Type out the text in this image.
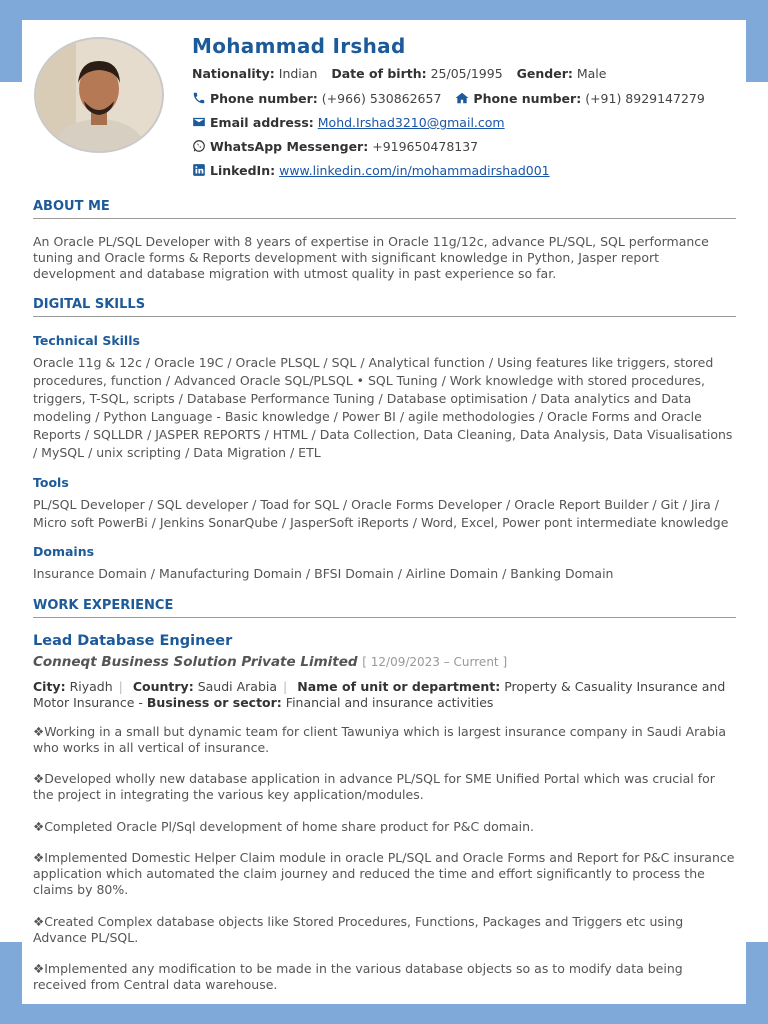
Mohammad Irshad
Nationality: Indian Date of birth: 25/05/1995 Gender: Male
Phone number: (+966) 530862657	Phone number: (+91) 8929147279
Email address: Mohd.Irshad3210@gmail.com
WhatsApp Messenger: +919650478137
LinkedIn: www.linkedin.com/in/mohammadirshad001
ABOUT ME

An Oracle PL/SQL Developer with 8 years of expertise in Oracle 11g/12c, advance PL/SQL, SQL performance tuning and Oracle forms & Reports development with significant knowledge in Python, Jasper report development and database migration with utmost quality in past experience so far.

DIGITAL SKILLS
Technical Skills

Oracle 11g & 12c / Oracle 19C / Oracle PLSQL / SQL / Analytical function / Using features like triggers, stored procedures, function / Advanced Oracle SQL/PLSQL • SQL Tuning / Work knowledge with stored procedures, triggers, T-SQL, scripts / Database Performance Tuning / Database optimisation / Data analytics and Data modeling / Python Language - Basic knowledge / Power BI / agile methodologies / Oracle Forms and Oracle Reports / SQLLDR / JASPER REPORTS / HTML / Data Collection, Data Cleaning, Data Analysis, Data Visualisations / MySQL / unix scripting / Data Migration / ETL

Tools

PL/SQL Developer / SQL developer / Toad for SQL / Oracle Forms Developer / Oracle Report Builder / Git / Jira / Micro soft PowerBi / Jenkins SonarQube / JasperSoft iReports / Word, Excel, Power pont intermediate knowledge

Domains

Insurance Domain / Manufacturing Domain / BFSI Domain / Airline Domain / Banking Domain

WORK EXPERIENCE
Lead Database Engineer
Conneqt Business Solution Private Limited [ 12/09/2023 – Current ]
City: Riyadh | Country: Saudi Arabia | Name of unit or department: Property & Casuality Insurance and Motor Insurance - Business or sector: Financial and insurance activities

❖Working in a small but dynamic team for client Tawuniya which is largest insurance company in Saudi Arabia who works in all vertical of insurance.

❖Developed wholly new database application in advance PL/SQL for SME Unified Portal which was crucial for the project in integrating the various key application/modules.

❖Completed Oracle Pl/Sql development of home share product for P&C domain.

❖Implemented Domestic Helper Claim module in oracle PL/SQL and Oracle Forms and Report for P&C insurance application which automated the claim journey and reduced the time and effort significantly to process the claims by 80%.

❖Created Complex database objects like Stored Procedures, Functions, Packages and Triggers etc using Advance PL/SQL.

❖Implemented any modification to be made in the various database objects so as to modify data being received from Central data warehouse.
